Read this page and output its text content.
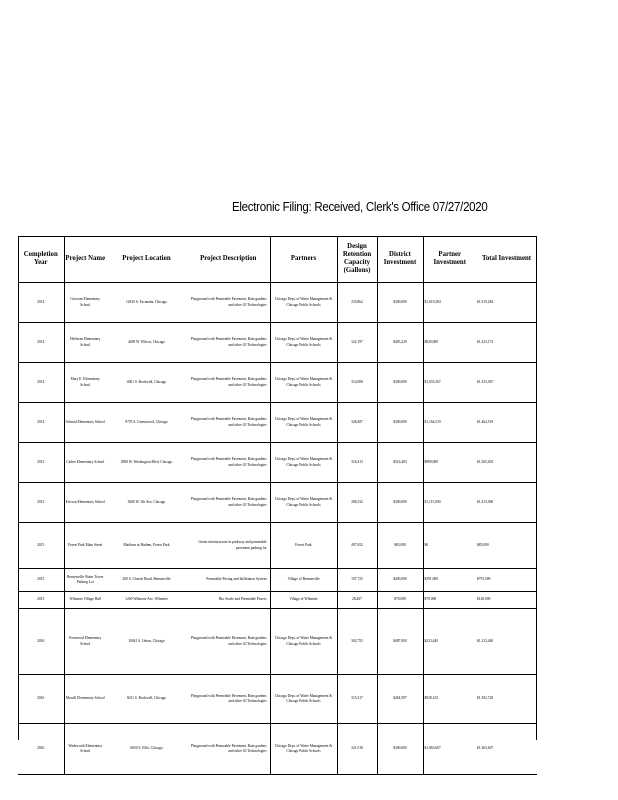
Electronic Filing: Received, Clerk's Office 07/27/2020
Completion Year	Project Name	Project Location	Project Description	Partners	Design Retention Capacity (Gallons)	District Investment	Partner Investment	Total Investment
2014	Grissom Elementary School	12810 S. Escanaba, Chicago	Playground with Permeable Pavement, Rain gardens and other GI Technologies	Chicago Dept. of Water Management & Chicago Public Schools	233,862	$300,000	$1,619,284	$1,919,284
2014	Hefferan Elementary School	4409 W. Wilcox, Chicago	Playground with Permeable Pavement, Rain gardens and other GI Technologies	Chicago Dept. of Water Management & Chicago Public Schools	322,197	$403,229	$820,000	$1,223,172
2014	Mary E. Elementary School	4601 S. Rockwell, Chicago	Playground with Permeable Pavement, Rain gardens and other GI Technologies	Chicago Dept. of Water Management & Chicago Public Schools	314,008	$300,000	$1,033,367	$1,333,367
2014	Schmid Elementary School	9755 S. Greenwood, Chicago	Playground with Permeable Pavement, Rain gardens and other GI Technologies	Chicago Dept. of Water Management & Chicago Public Schools	328,487	$300,000	$1,164,519	$1,464,519
2015	Cather Elementary School	2908 W. Washington Blvd, Chicago	Playground with Permeable Pavement, Rain gardens and other GI Technologies	Chicago Dept. of Water Management & Chicago Public Schools	316,413	$316,403	$989,000	$1,305,403
2015	Ericson Elementary School	3600 W. 5th Ave, Chicago	Playground with Permeable Pavement, Rain gardens and other GI Technologies	Chicago Dept. of Water Management & Chicago Public Schools	286,532	$300,000	$1,115,000	$1,415,000
2015	Forest Park Main Street	Madison at Harlem, Forest Park	Green infrastructure in parkway and permeable pavement parking lot	Forest Park	497,652	$83,000	$0	$83,000
2015	Bensenville Water Tower Parking Lot	200 S. Church Road, Bensenville	Permeable Paving and Infiltration System	Village of Bensenville	107,725	$400,000	$391,000	$791,000
2015	Wilmette Village Hall	1200 Wilmette Ave, Wilmette	Bio Swale and Permeable Pavers	Village of Wilmette	28,467	$70,000	$70,000	$140,000
2016	Fernwood Elementary School	10041 S. Union, Chicago	Playground with Permeable Pavement, Rain gardens and other GI Technologies	Chicago Dept. of Water Management & Chicago Public Schools	302,755	$487,000	$223,440	$1,123,440
2016	Morrill Elementary School	6011 S. Rockwell, Chicago	Playground with Permeable Pavement, Rain gardens and other GI Technologies	Chicago Dept. of Water Management & Chicago Public Schools	315,217	$464,597	$928,123	$1,392,720
2016	Wadsworth Elementary School	6650 S. Ellis, Chicago	Playground with Permeable Pavement, Rain gardens and other GI Technologies	Chicago Dept. of Water Management & Chicago Public Schools	321,018	$300,000	$1,063,607	$1,363,607
